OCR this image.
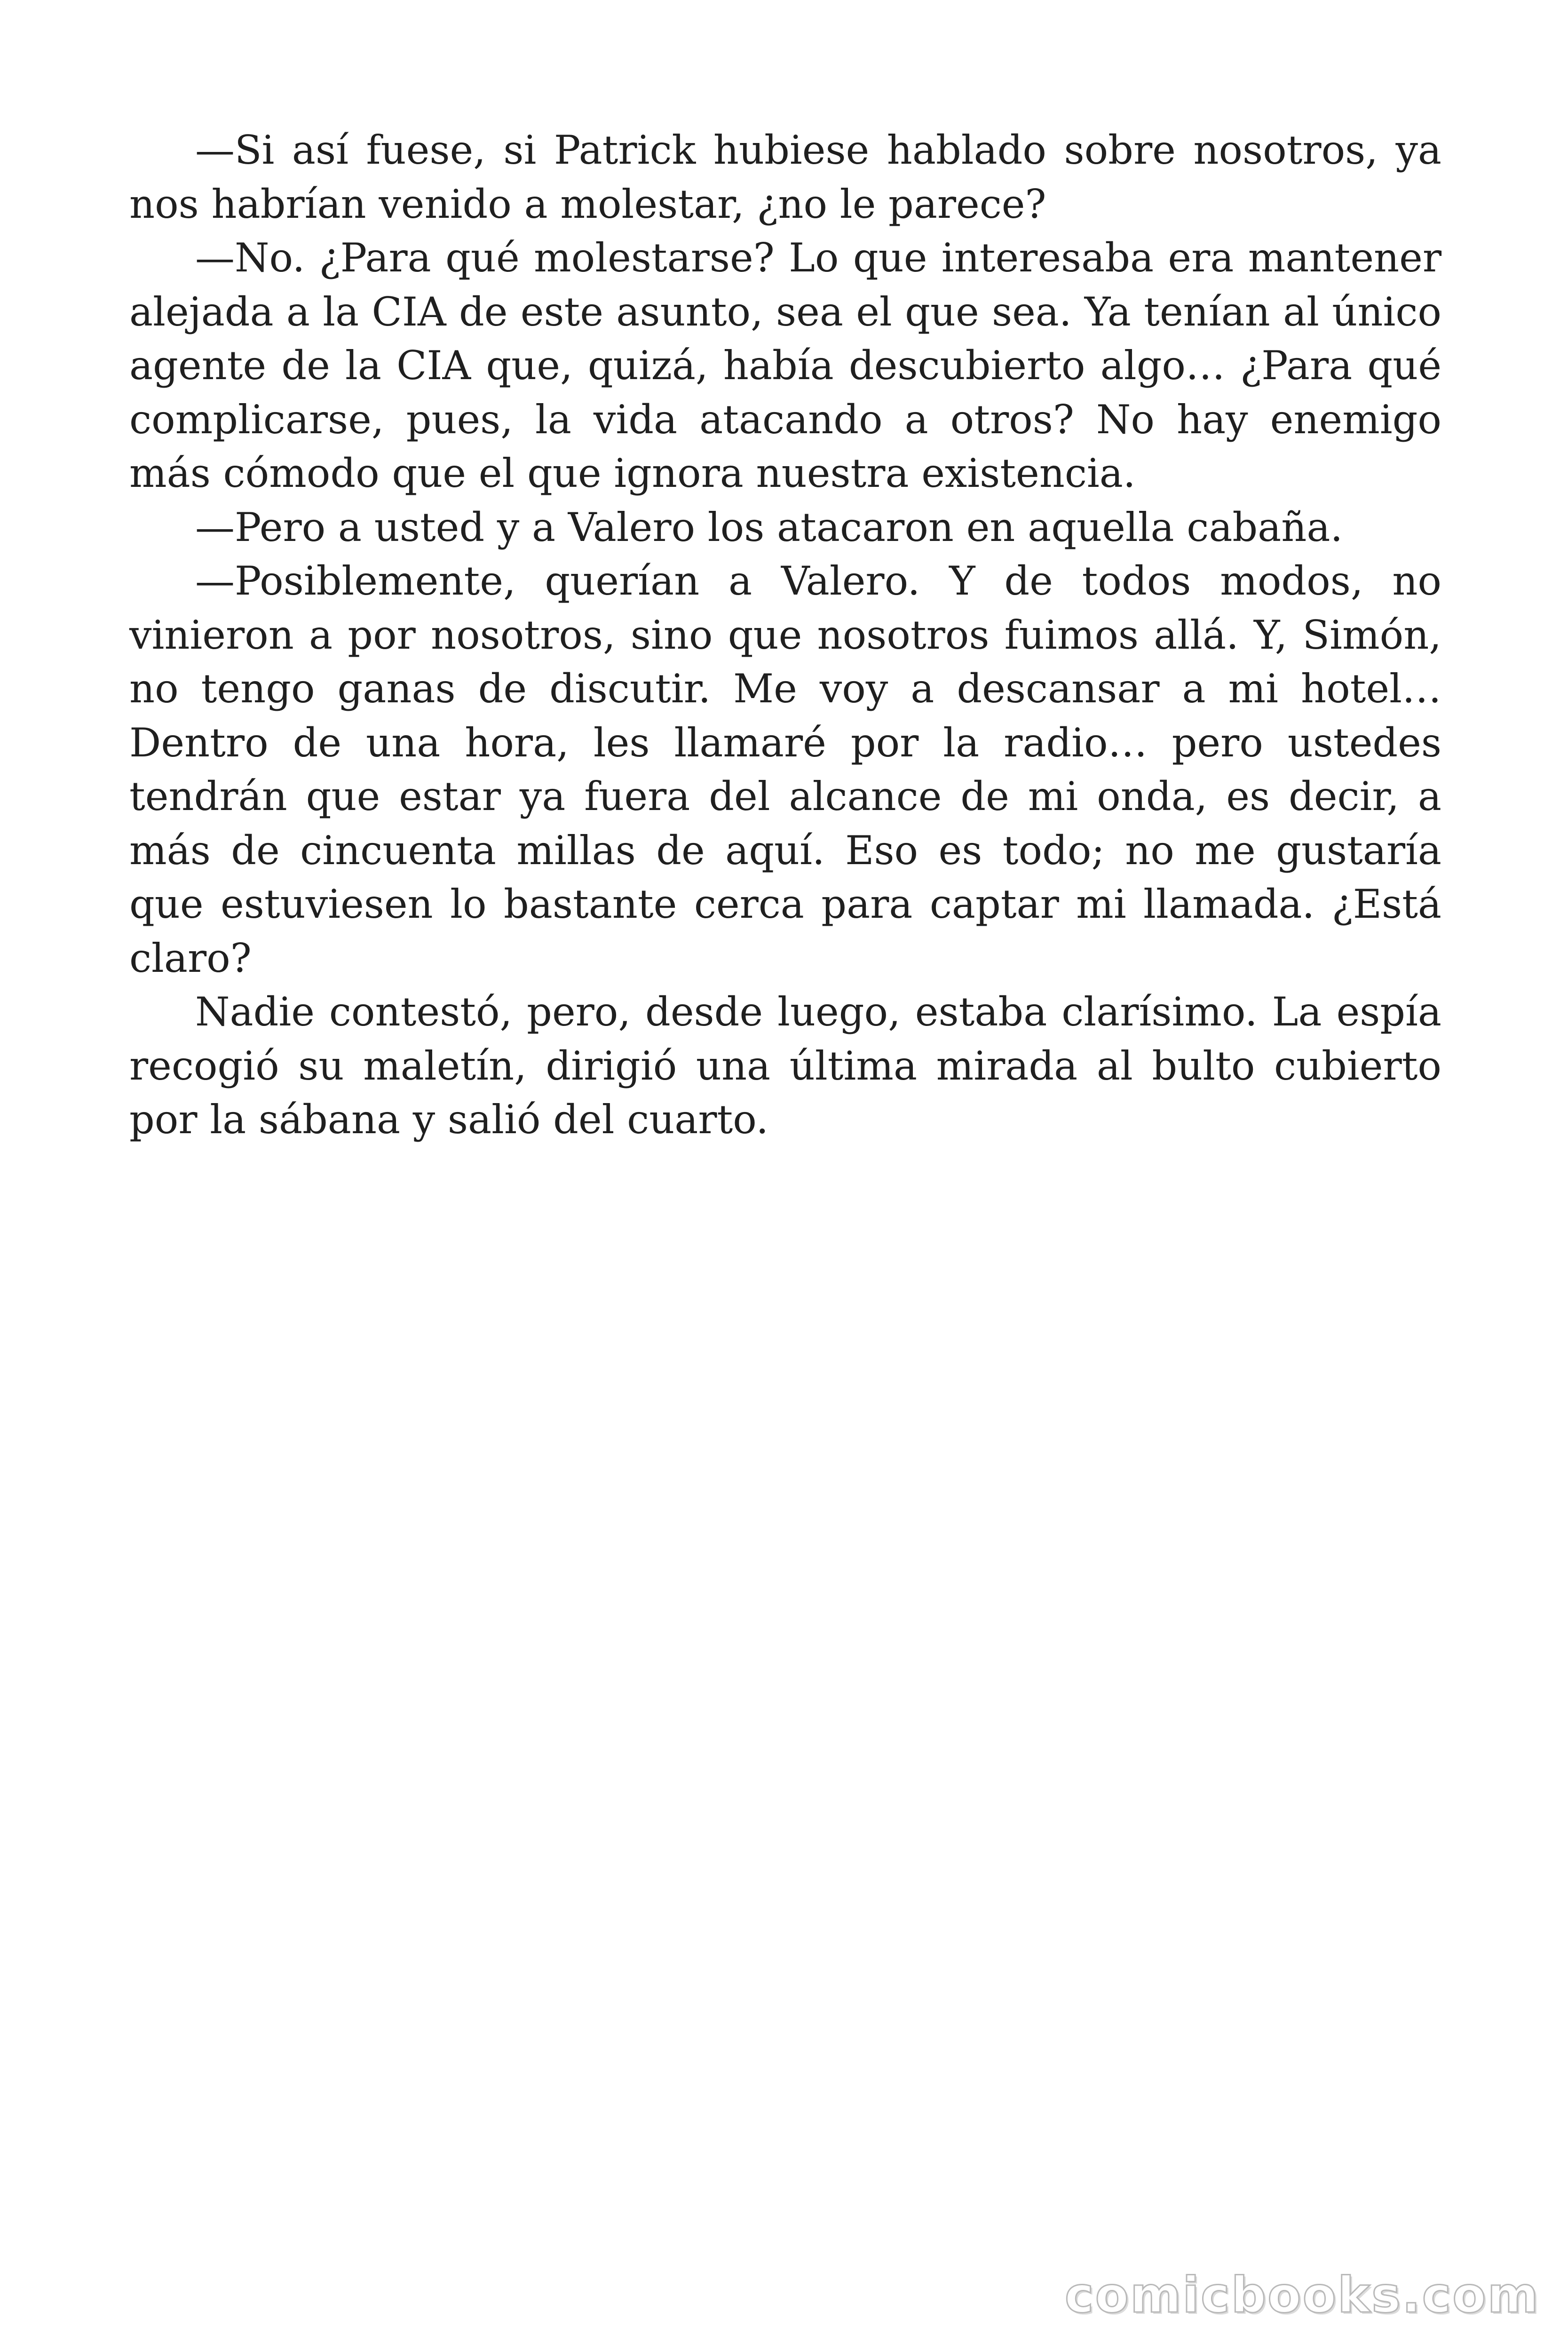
—Si así fuese, si Patrick hubiese hablado sobre nosotros, ya nos habrían venido a molestar, ¿no le parece?

—No. ¿Para qué molestarse? Lo que interesaba era mantener alejada a la CIA de este asunto, sea el que sea. Ya tenían al único agente de la CIA que, quizá, había descubierto algo… ¿Para qué complicarse, pues, la vida atacando a otros? No hay enemigo más cómodo que el que ignora nuestra existencia.

—Pero a usted y a Valero los atacaron en aquella cabaña.

—Posiblemente, querían a Valero. Y de todos modos, no vinieron a por nosotros, sino que nosotros fuimos allá. Y, Simón, no tengo ganas de discutir. Me voy a descansar a mi hotel… Dentro de una hora, les llamaré por la radio… pero ustedes tendrán que estar ya fuera del alcance de mi onda, es decir, a más de cincuenta millas de aquí. Eso es todo; no me gustaría que estuviesen lo bastante cerca para captar mi llamada. ¿Está claro?

Nadie contestó, pero, desde luego, estaba clarísimo. La espía recogió su maletín, dirigió una última mirada al bulto cubierto por la sábana y salió del cuarto.

comicbooks.com
